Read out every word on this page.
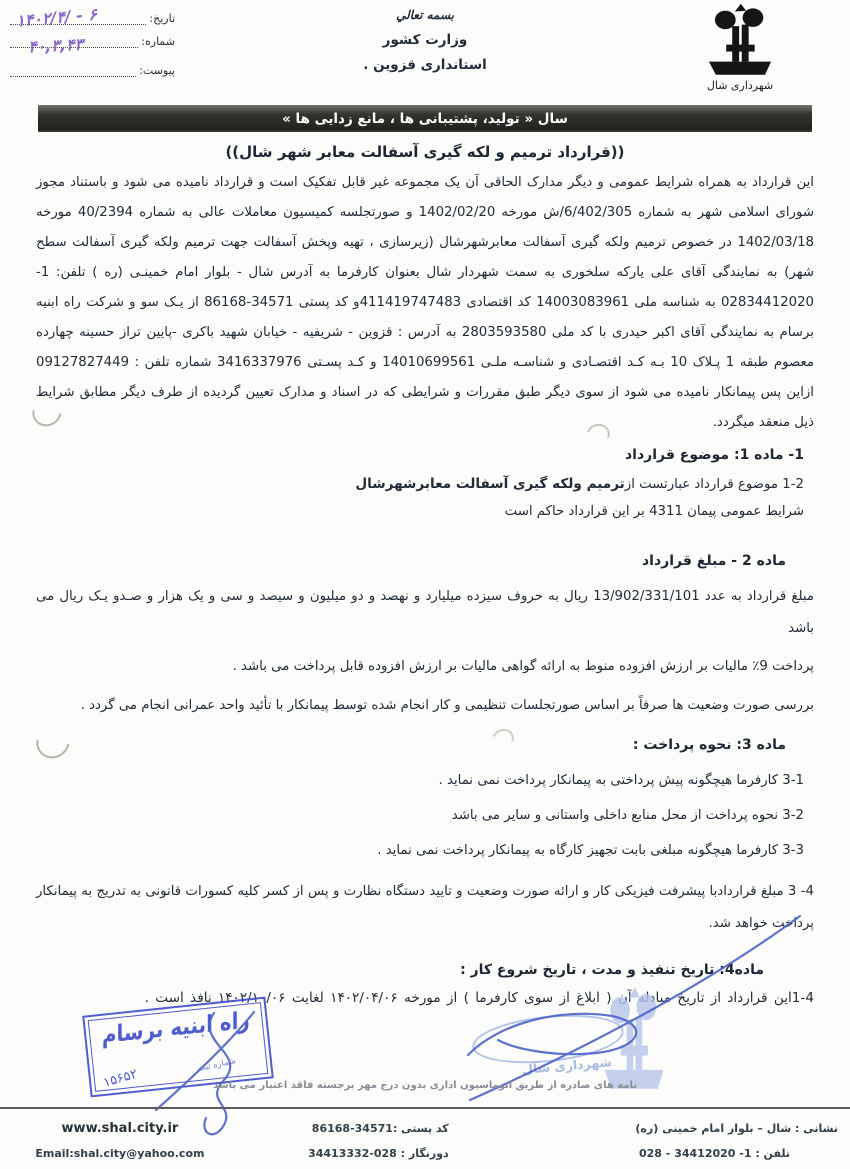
تاریخ:
شماره:
پیوست:
۱۴۰۲/۴/ - ۶
۴۰,۳,۴۳
بسمه تعالي
وزارت کشور
استانداری قزوین .
شهرداری شال
سال « تولید، پشتیبانی ها ، مانع زدایی ها »
((قرارداد ترمیم و لکه گیری آسفالت معابر شهر شال))

این قرارداد به همراه شرایط عمومی و دیگر مدارک الحاقی آن یک مجموعه غیر قابل تفکیک است و قرارداد نامیده می شود و باستناد مجوز شورای اسلامی شهر به شماره 6/402/305/ش مورخه 1402/02/20 و صورتجلسه کمیسیون معاملات عالی به شماره 40/2394 مورخه 1402/03/18 در خصوص ترمیم ولکه گیری آسفالت معابرشهرشال (زیرسازی ، تهیه وپخش آسفالت جهت ترمیم ولکه گیری آسفالت سطح شهر) به نمایندگی آقای علی یارکه سلخوری به سمت شهردار شال بعنوان کارفرما به آدرس شال - بلوار امام خمینـی (ره ) تلفن: 1-02834412020 به شناسه ملی 14003083961 کد اقتصادی 411419747483و کد پستی 34571-86168 از یـک سو و شرکت راه ابنیه برسام به نمایندگی آقای اکبر حیدری با کد ملی 2803593580 به آدرس : قزوین - شریفیه - خیابان شهید باکری -پایین تراز حسینه چهارده معصوم طبقه 1 پـلاک 10 بـه کـد اقتصـادی و شناسـه ملـی 14010699561 و کـد پسـتی 3416337976 شماره تلفن : 09127827449 ازاین پس پیمانکار نامیده می شود از سوی دیگر طبق مقررات و شرایطی که در اسناد و مدارک تعیین گردیده از طرف دیگر مطابق شرایط ذیل منعقد میگردد.

1- ماده 1: موضوع قرارداد
1-2 موضوع قرارداد عبارتست ازترمیم ولکه گیری آسفالت معابرشهرشال
شرایط عمومی پیمان 4311 بر این قرارداد حاکم است
ماده 2 - مبلغ قرارداد

مبلغ قرارداد به عدد 13/902/331/101 ریال به حروف سیزده میلیارد و نهصد و دو میلیون و سیصد و سی و یک هزار و صـدو یـک ریال می باشد

پرداخت 9٪ مالیات بر ارزش افزوده منوط به ارائه گواهی مالیات بر ارزش افزوده قابل پرداخت می باشد .
بررسی صورت وضعیت ها صرفاً بر اساس صورتجلسات تنظیمی و کار انجام شده توسط پیمانکار با تأئید واحد عمرانی انجام می گردد .
ماده 3: نحوه پرداخت :
3-1 کارفرما هیچگونه پیش پرداختی به پیمانکار پرداخت نمی نماید .
3-2 نحوه پرداخت از محل منابع داخلی واستانی و سایر می باشد
3-3 کارفرما هیچگونه مبلغی بابت تجهیز کارگاه به پیمانکار پرداخت نمی نماید .

4- 3 مبلغ قراردادبا پیشرفت فیزیکی کار و ارائه صورت وضعیت و تایید دستگاه نظارت و پس از کسر کلیه کسورات قانونی به تدریج به پیمانکار پرداخت خواهد شد.

ماده4: تاریخ تنفیذ و مدت ، تاریخ شروع کار :
1-4این قرارداد از تاریخ مبادله آن ( ابلاغ از سوی کارفرما ) از مورخه ۱۴۰۲/۰۴/۰۶ لغایت ۱۴۰۲/۱۰/۰۶ نافذ است .
شهرداری شال
راه ابنیه برسام
شماره ثبت
۱۵۶۵۲	نامه های صادره از طریق اتوماسیون اداری بدون درج مهر برجسته فاقد اعتبار می باشد
نشانی : شال – بلوار امام خمینی (ره)
تلفن : 1- 34412020 - 028
کد پستی :34571-86168
دورنگار : 028-34413332
www.shal.city.ir
Email:shal.city@yahoo.com
